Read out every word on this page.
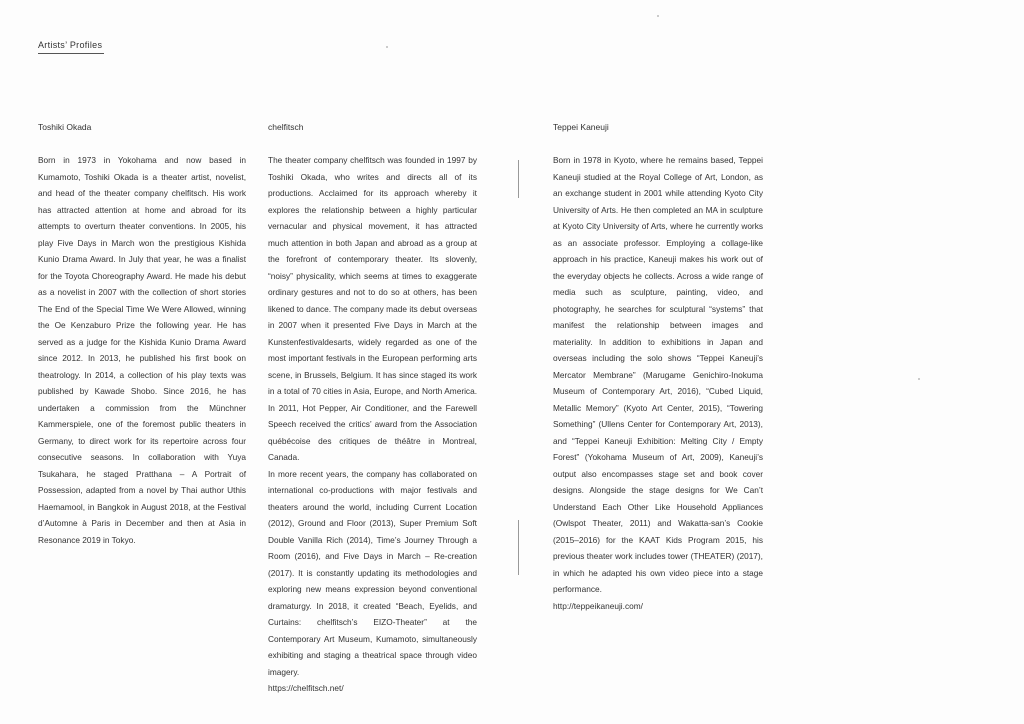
Artists’ Profiles
Toshiki Okada

Born in 1973 in Yokohama and now based in Kumamoto, Toshiki Okada is a theater artist, novelist, and head of the theater company chelfitsch. His work has attracted attention at home and abroad for its attempts to overturn theater conventions. In 2005, his play Five Days in March won the prestigious Kishida Kunio Drama Award. In July that year, he was a finalist for the Toyota Choreography Award. He made his debut as a novelist in 2007 with the collection of short stories The End of the Special Time We Were Allowed, winning the Oe Kenzaburo Prize the following year. He has served as a judge for the Kishida Kunio Drama Award since 2012. In 2013, he published his first book on theatrology. In 2014, a collection of his play texts was published by Kawade Shobo. Since 2016, he has undertaken a commission from the Münchner Kammerspiele, one of the foremost public theaters in Germany, to direct work for its repertoire across four consecutive seasons. In collaboration with Yuya Tsukahara, he staged Pratthana – A Portrait of Possession, adapted from a novel by Thai author Uthis Haemamool, in Bangkok in August 2018, at the Festival d’Automne à Paris in December and then at Asia in Resonance 2019 in Tokyo.

chelfitsch

The theater company chelfitsch was founded in 1997 by Toshiki Okada, who writes and directs all of its productions. Acclaimed for its approach whereby it explores the relationship between a highly particular vernacular and physical movement, it has attracted much attention in both Japan and abroad as a group at the forefront of contemporary theater. Its slovenly, “noisy” physicality, which seems at times to exaggerate ordinary gestures and not to do so at others, has been likened to dance. The company made its debut overseas in 2007 when it presented Five Days in March at the Kunstenfestivaldesarts, widely regarded as one of the most important festivals in the European performing arts scene, in Brussels, Belgium. It has since staged its work in a total of 70 cities in Asia, Europe, and North America. In 2011, Hot Pepper, Air Conditioner, and the Farewell Speech received the critics’ award from the Association québécoise des critiques de théâtre in Montreal, Canada.

In more recent years, the company has collaborated on international co-productions with major festivals and theaters around the world, including Current Location (2012), Ground and Floor (2013), Super Premium Soft Double Vanilla Rich (2014), Time’s Journey Through a Room (2016), and Five Days in March – Re-creation (2017). It is constantly updating its methodologies and exploring new means expression beyond conventional dramaturgy. In 2018, it created “Beach, Eyelids, and Curtains: chelfitsch’s EIZO-Theater” at the Contemporary Art Museum, Kumamoto, simultaneously exhibiting and staging a theatrical space through video imagery.

https://chelfitsch.net/

Teppei Kaneuji

Born in 1978 in Kyoto, where he remains based, Teppei Kaneuji studied at the Royal College of Art, London, as an exchange student in 2001 while attending Kyoto City University of Arts. He then completed an MA in sculpture at Kyoto City University of Arts, where he currently works as an associate professor. Employing a collage-like approach in his practice, Kaneuji makes his work out of the everyday objects he collects. Across a wide range of media such as sculpture, painting, video, and photography, he searches for sculptural “systems” that manifest the relationship between images and materiality. In addition to exhibitions in Japan and overseas including the solo shows “Teppei Kaneuji’s Mercator Membrane” (Marugame Genichiro-Inokuma Museum of Contemporary Art, 2016), “Cubed Liquid, Metallic Memory” (Kyoto Art Center, 2015), “Towering Something” (Ullens Center for Contemporary Art, 2013), and “Teppei Kaneuji Exhibition: Melting City / Empty Forest” (Yokohama Museum of Art, 2009), Kaneuji’s output also encompasses stage set and book cover designs. Alongside the stage designs for We Can’t Understand Each Other Like Household Appliances (Owlspot Theater, 2011) and Wakatta-san’s Cookie (2015–2016) for the KAAT Kids Program 2015, his previous theater work includes tower (THEATER) (2017), in which he adapted his own video piece into a stage performance.

http://teppeikaneuji.com/
